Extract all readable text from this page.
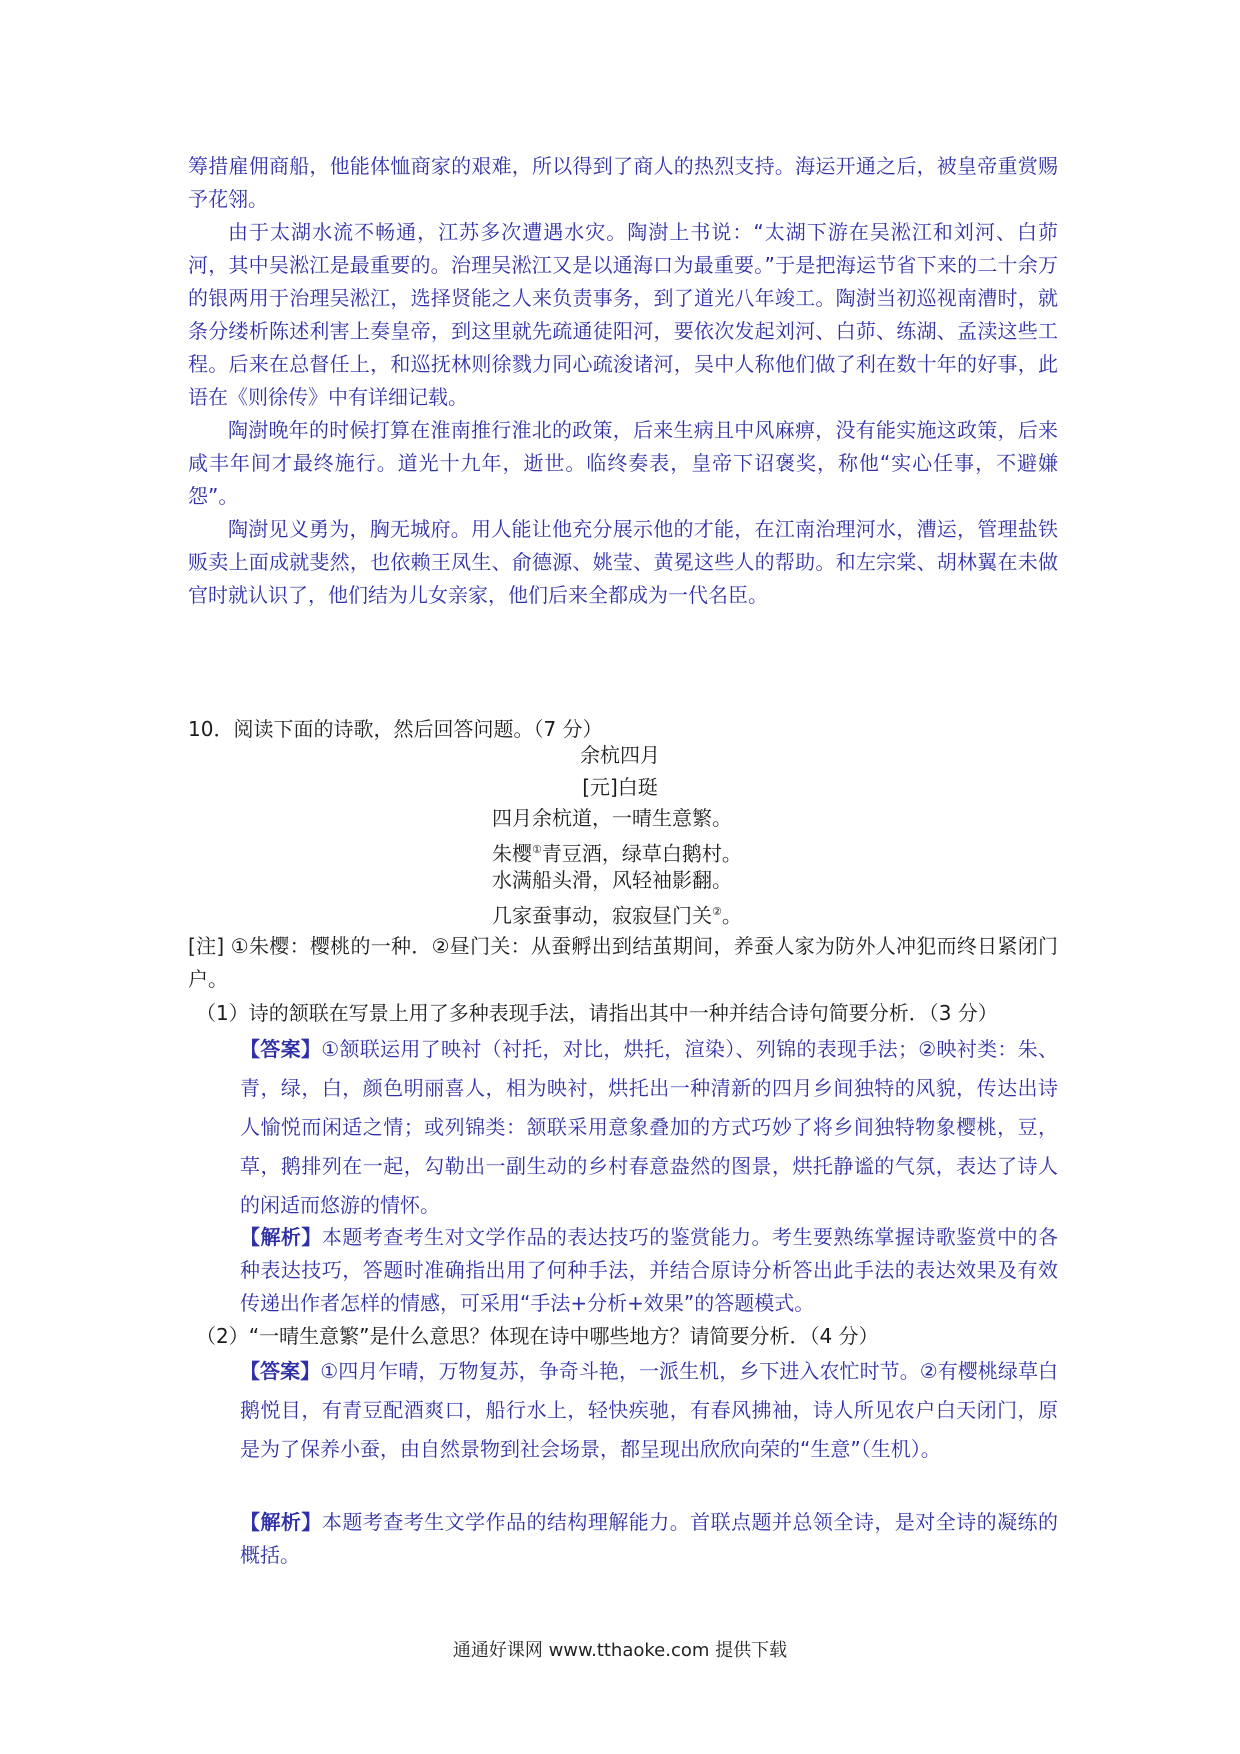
筹措雇佣商船，他能体恤商家的艰难，所以得到了商人的热烈支持。海运开通之后，被皇帝重赏赐予花翎。

由于太湖水流不畅通，江苏多次遭遇水灾。陶澍上书说：“太湖下游在吴淞江和刘河、白茆河，其中吴淞江是最重要的。治理吴淞江又是以通海口为最重要。”于是把海运节省下来的二十余万的银两用于治理吴淞江，选择贤能之人来负责事务，到了道光八年竣工。陶澍当初巡视南漕时，就条分缕析陈述利害上奏皇帝，到这里就先疏通徒阳河，要依次发起刘河、白茆、练湖、孟渎这些工程。后来在总督任上，和巡抚林则徐戮力同心疏浚诸河，吴中人称他们做了利在数十年的好事，此语在《则徐传》中有详细记载。

陶澍晚年的时候打算在淮南推行淮北的政策，后来生病且中风麻痹，没有能实施这政策，后来咸丰年间才最终施行。道光十九年，逝世。临终奏表，皇帝下诏褒奖，称他“实心任事，不避嫌怨”。

陶澍见义勇为，胸无城府。用人能让他充分展示他的才能，在江南治理河水，漕运，管理盐铁贩卖上面成就斐然，也依赖王凤生、俞德源、姚莹、黄冕这些人的帮助。和左宗棠、胡林翼在未做官时就认识了，他们结为儿女亲家，他们后来全都成为一代名臣。

10．阅读下面的诗歌，然后回答问题。（7 分）

余杭四月

[元]白珽

四月余杭道，一晴生意繁。

朱樱①青豆酒，绿草白鹅村。

水满船头滑，风轻袖影翻。

几家蚕事动，寂寂昼门关②。

[注] ①朱樱：樱桃的一种．②昼门关：从蚕孵出到结茧期间，养蚕人家为防外人冲犯而终日紧闭门户。

（1）诗的颔联在写景上用了多种表现手法，请指出其中一种并结合诗句简要分析．（3 分）

【答案】①颔联运用了映衬（衬托，对比，烘托，渲染）、列锦的表现手法；②映衬类：朱、青，绿，白，颜色明丽喜人，相为映衬，烘托出一种清新的四月乡间独特的风貌，传达出诗人愉悦而闲适之情；或列锦类：颔联采用意象叠加的方式巧妙了将乡间独特物象樱桃，豆，草，鹅排列在一起，勾勒出一副生动的乡村春意盎然的图景，烘托静谧的气氛，表达了诗人的闲适而悠游的情怀。

【解析】本题考查考生对文学作品的表达技巧的鉴赏能力。考生要熟练掌握诗歌鉴赏中的各种表达技巧，答题时准确指出用了何种手法，并结合原诗分析答出此手法的表达效果及有效传递出作者怎样的情感，可采用“手法+分析+效果”的答题模式。

（2）“一晴生意繁”是什么意思？体现在诗中哪些地方？请简要分析．（4 分）

【答案】①四月乍晴，万物复苏，争奇斗艳，一派生机，乡下进入农忙时节。②有樱桃绿草白鹅悦目，有青豆配酒爽口，船行水上，轻快疾驰，有春风拂袖，诗人所见农户白天闭门，原是为了保养小蚕，由自然景物到社会场景，都呈现出欣欣向荣的“生意”（生机）。

【解析】本题考查考生文学作品的结构理解能力。首联点题并总领全诗，是对全诗的凝练的概括。

通通好课网 www.tthaoke.com 提供下载
